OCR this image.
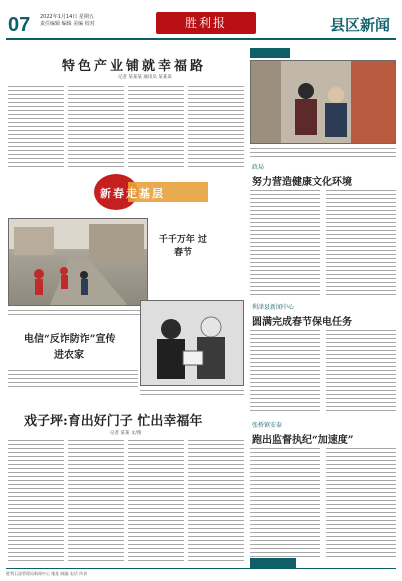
07 2022年1月14日 星期五
责任编辑 编辑 美编 校对	胜利报	县区新闻
特色产业铺就幸福路
记者 某某某 通讯员 某某某
新春走基层
千千万年 过春节
电信“反诈防诈”宣传
进农家
戏子坪:育出好门子 忙出幸福年
记者 某某 文/图
政局
努力营造健康文化环境
利津县新闻中心
圆满完成春节保电任务
张桥镇安泰
跑出监督执纪“加速度”
广告人物
胜利石油管理局新闻中心 地址 邮编 电话 传真
